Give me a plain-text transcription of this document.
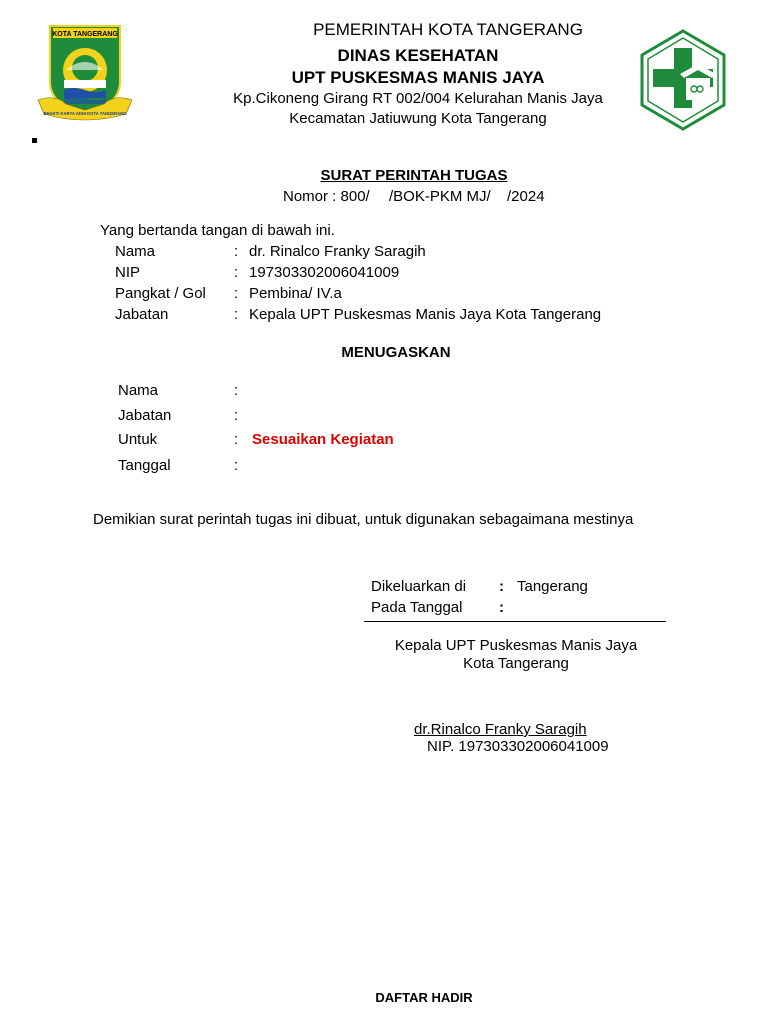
KOTA TANGERANG
BHAKTI KARYA ADHI KOTA TANGERANG
PEMERINTAH KOTA TANGERANG
DINAS KESEHATAN
UPT PUSKESMAS MANIS JAYA
Kp.Cikoneng Girang RT 002/004 Kelurahan Manis Jaya
Kecamatan Jatiuwung Kota Tangerang
SURAT PERINTAH TUGAS
Nomor : 800/ /BOK-PKM MJ/ /2024
Yang bertanda tangan di bawah ini.
Nama	: dr. Rinalco Franky Saragih
NIP	: 197303302006041009
Pangkat / Gol : Pembina/ IV.a
Jabatan	: Kepala UPT Puskesmas Manis Jaya Kota Tangerang
MENUGASKAN
Nama	:
Jabatan	:
Untuk	: Sesuaikan Kegiatan
Tanggal	:
Demikian surat perintah tugas ini dibuat, untuk digunakan sebagaimana mestinya
Dikeluarkan di : Tangerang
Pada Tanggal :
Kepala UPT Puskesmas Manis Jaya
Kota Tangerang
dr.Rinalco Franky Saragih
NIP. 197303302006041009
DAFTAR HADIR
